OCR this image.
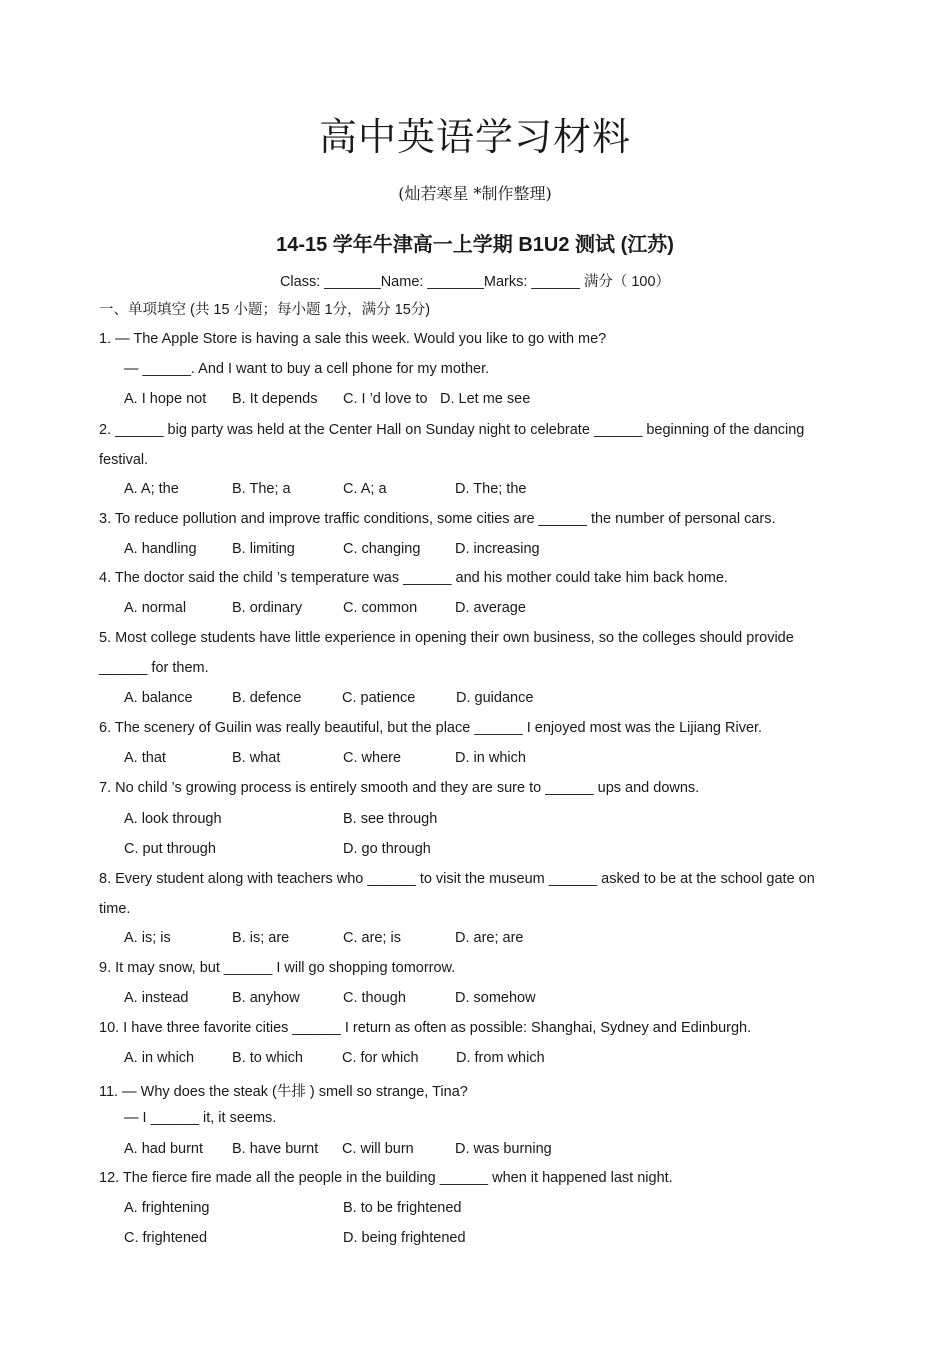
高中英语学习材料
(灿若寒星 *制作整理)
14-15 学年牛津高一上学期 B1U2 测试 (江苏)
Class: _______Name: _______Marks: ______ 满分（ 100）
一、单项填空 (共 15 小题；每小题 1分，满分 15分)
1. — The Apple Store is having a sale this week. Would you like to go with me?
— ______. And I want to buy a cell phone for my mother.
A. I hope not B. It depends C. I ’d love to D. Let me see
2. ______ big party was held at the Center Hall on Sunday night to celebrate ______ beginning of the dancing
festival.
A. A; the	B. The; a	C. A; a	D. The; the
3. To reduce pollution and improve traffic conditions, some cities are ______ the number of personal cars.
A. handling B. limiting	C. changing D. increasing
4. The doctor said the child ’s temperature was ______ and his mother could take him back home.
A. normal	B. ordinary	C. common	D. average
5. Most college students have little experience in opening their own business, so the colleges should provide
______ for them.
A. balance	B. defence	C. patience	D. guidance
6. The scenery of Guilin was really beautiful, but the place ______ I enjoyed most was the Lijiang River.
A. that	B. what	C. where	D. in which
7. No child ’s growing process is entirely smooth and they are sure to ______ ups and downs.
A. look through	B. see through
C. put through	D. go through
8. Every student along with teachers who ______ to visit the museum ______ asked to be at the school gate on
time.
A. is; is	B. is; are	C. are; is	D. are; are
9. It may snow, but ______ I will go shopping tomorrow.
A. instead	B. anyhow	C. though	D. somehow
10. I have three favorite cities ______ I return as often as possible: Shanghai, Sydney and Edinburgh.
A. in which	B. to which	C. for which	D. from which
11. — Why does the steak (牛排 ) smell so strange, Tina?
— I ______ it, it seems.
A. had burnt B. have burnt C. will burn	D. was burning
12. The fierce fire made all the people in the building ______ when it happened last night.
A. frightening	B. to be frightened
C. frightened	D. being frightened
